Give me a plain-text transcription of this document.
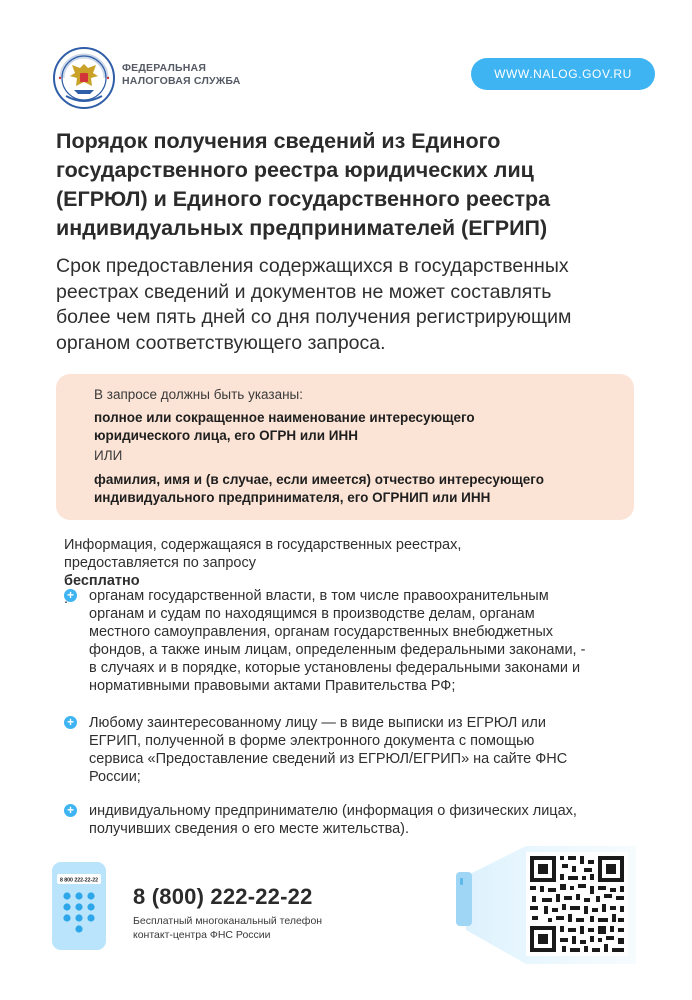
ФЕДЕРАЛЬНАЯ
НАЛОГОВАЯ СЛУЖБА	WWW.NALOG.GOV.RU
Порядок получения сведений из Единого
государственного реестра юридических лиц
(ЕГРЮЛ) и Единого государственного реестра
индивидуальных предпринимателей (ЕГРИП)

Срок предоставления содержащихся в государственных
реестрах сведений и документов не может составлять
более чем пять дней со дня получения регистрирующим
органом соответствующего запроса.

В запросе должны быть указаны:
полное или сокращенное наименование интересующего
юридического лица, его ОГРН или ИНН
ИЛИ
фамилия, имя и (в случае, если имеется) отчество интересующего
индивидуального предпринимателя, его ОГРНИП или ИНН
Информация, содержащаяся в государственных реестрах,
предоставляется по запросу
бесплатно
+ органам государственной власти, в том числе правоохранительным
органам и судам по находящимся в производстве делам, органам
местного самоуправления, органам государственных внебюджетных
фондов, а также иным лицам, определенным федеральными законами, -
в случаях и в порядке, которые установлены федеральными законами и
нормативными правовыми актами Правительства РФ;
+ Любому заинтересованному лицу — в виде выписки из ЕГРЮЛ или
ЕГРИП, полученной в форме электронного документа с помощью
сервиса «Предоставление сведений из ЕГРЮЛ/ЕГРИП» на сайте ФНС
России;
+ индивидуальному предпринимателю (информация о физических лицах,
получивших сведения о его месте жительства).
8 800 222-22-22
8 (800) 222-22-22
Бесплатный многоканальный телефон
контакт-центра ФНС России
